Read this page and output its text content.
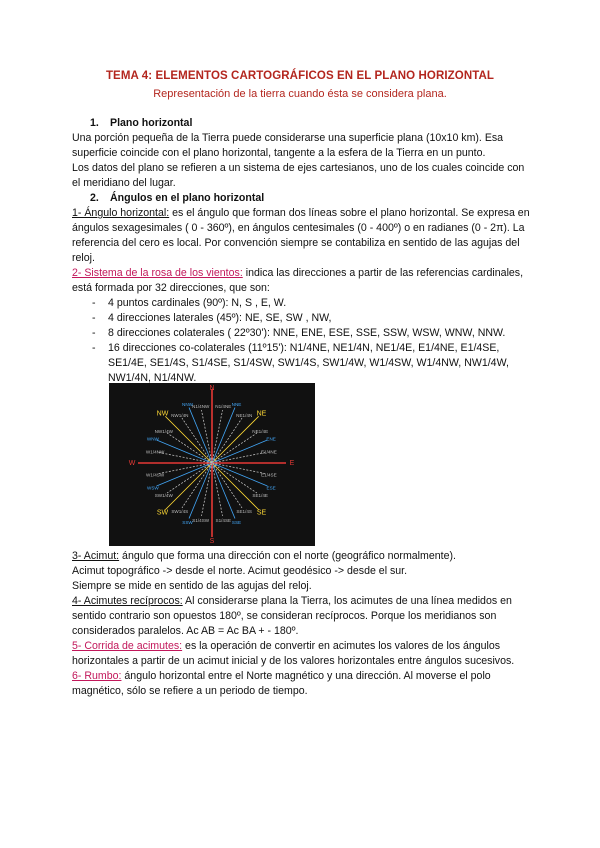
TEMA 4: ELEMENTOS CARTOGRÁFICOS EN EL PLANO HORIZONTAL
Representación de la tierra cuando ésta se considera plana.

1. Plano horizontal

Una porción pequeña de la Tierra puede considerarse una superficie plana (10x10 km). Esa superficie coincide con el plano horizontal, tangente a la esfera de la Tierra en un punto.

Los datos del plano se refieren a un sistema de ejes cartesianos, uno de los cuales coincide con el meridiano del lugar.

2. Ángulos en el plano horizontal

1- Ángulo horizontal: es el ángulo que forman dos líneas sobre el plano horizontal. Se expresa en ángulos sexagesimales ( 0 - 360º), en ángulos centesimales (0 - 400º) o en radianes (0 - 2π). La referencia del cero es local. Por convención siempre se contabiliza en sentido de las agujas del reloj.

2- Sistema de la rosa de los vientos: indica las direcciones a partir de las referencias cardinales, está formada por 32 direcciones, que son:

- 4 puntos cardinales (90º): N, S , E, W.
- 4 direcciones laterales (45º): NE, SE, SW , NW,
- 8 direcciones colaterales ( 22º30'): NNE, ENE, ESE, SSE, SSW, WSW, WNW, NNW.
- 16 direcciones co-colaterales (11º15'): N1/4NE, NE1/4N, NE1/4E, E1/4NE, E1/4SE, SE1/4E, SE1/4S, S1/4SE, S1/4SW, SW1/4S, SW1/4W, W1/4SW, W1/4NW, NW1/4W, NW1/4N, N1/4NW.
N
N1/4NE NNE
NE1/4N NE
NE1/4E
ENE
E1/4NE
E
E1/4SE
ESE
SE1/4E
SE
SE1/4S
SSE
S1/4SE
S
S1/4SW
SSW
SW1/4S
SW
SW1/4W
WSW
W1/4SW
W
W1/4NW
WNW
NW1/4W
NW NW1/4N
NNW N1/4NW

3- Acimut: ángulo que forma una dirección con el norte (geográfico normalmente).

Acimut topográfico -> desde el norte. Acimut geodésico -> desde el sur.

Siempre se mide en sentido de las agujas del reloj.

4- Acimutes recíprocos: Al considerarse plana la Tierra, los acimutes de una línea medidos en sentido contrario son opuestos 180º, se consideran recíprocos. Porque los meridianos son considerados paralelos. Ac AB = Ac BA + - 180º.

5- Corrida de acimutes: es la operación de convertir en acimutes los valores de los ángulos horizontales a partir de un acimut inicial y de los valores horizontales entre ángulos sucesivos.

6- Rumbo: ángulo horizontal entre el Norte magnético y una dirección. Al moverse el polo magnético, sólo se refiere a un periodo de tiempo.
